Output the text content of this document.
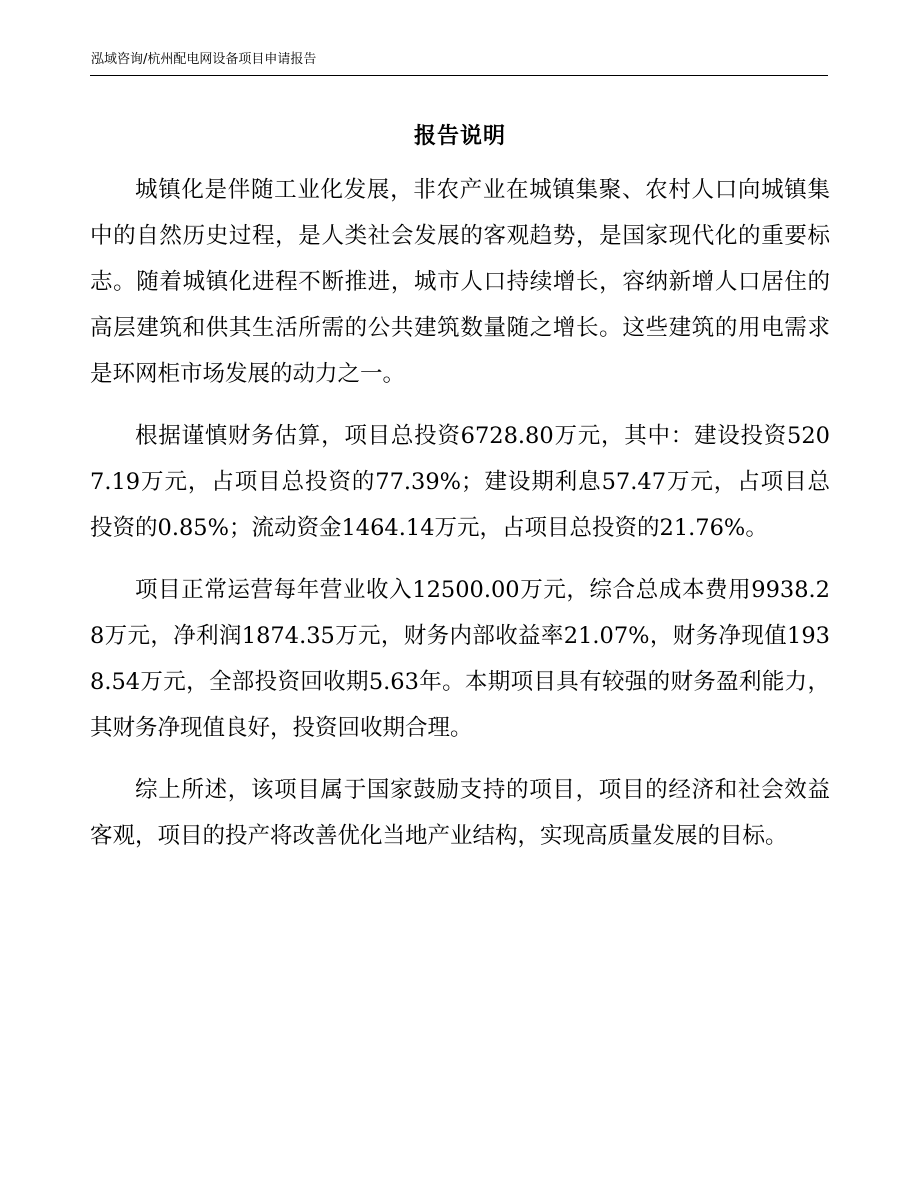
泓域咨询/杭州配电网设备项目申请报告
报告说明

城镇化是伴随工业化发展，非农产业在城镇集聚、农村人口向城镇集中的自然历史过程，是人类社会发展的客观趋势，是国家现代化的重要标志。随着城镇化进程不断推进，城市人口持续增长，容纳新增人口居住的高层建筑和供其生活所需的公共建筑数量随之增长。这些建筑的用电需求是环网柜市场发展的动力之一。

根据谨慎财务估算，项目总投资6728.80万元，其中：建设投资5207.19万元，占项目总投资的77.39%；建设期利息57.47万元，占项目总投资的0.85%；流动资金1464.14万元，占项目总投资的21.76%。

项目正常运营每年营业收入12500.00万元，综合总成本费用9938.28万元，净利润1874.35万元，财务内部收益率21.07%，财务净现值1938.54万元，全部投资回收期5.63年。本期项目具有较强的财务盈利能力，其财务净现值良好，投资回收期合理。

综上所述，该项目属于国家鼓励支持的项目，项目的经济和社会效益客观，项目的投产将改善优化当地产业结构，实现高质量发展的目标。
